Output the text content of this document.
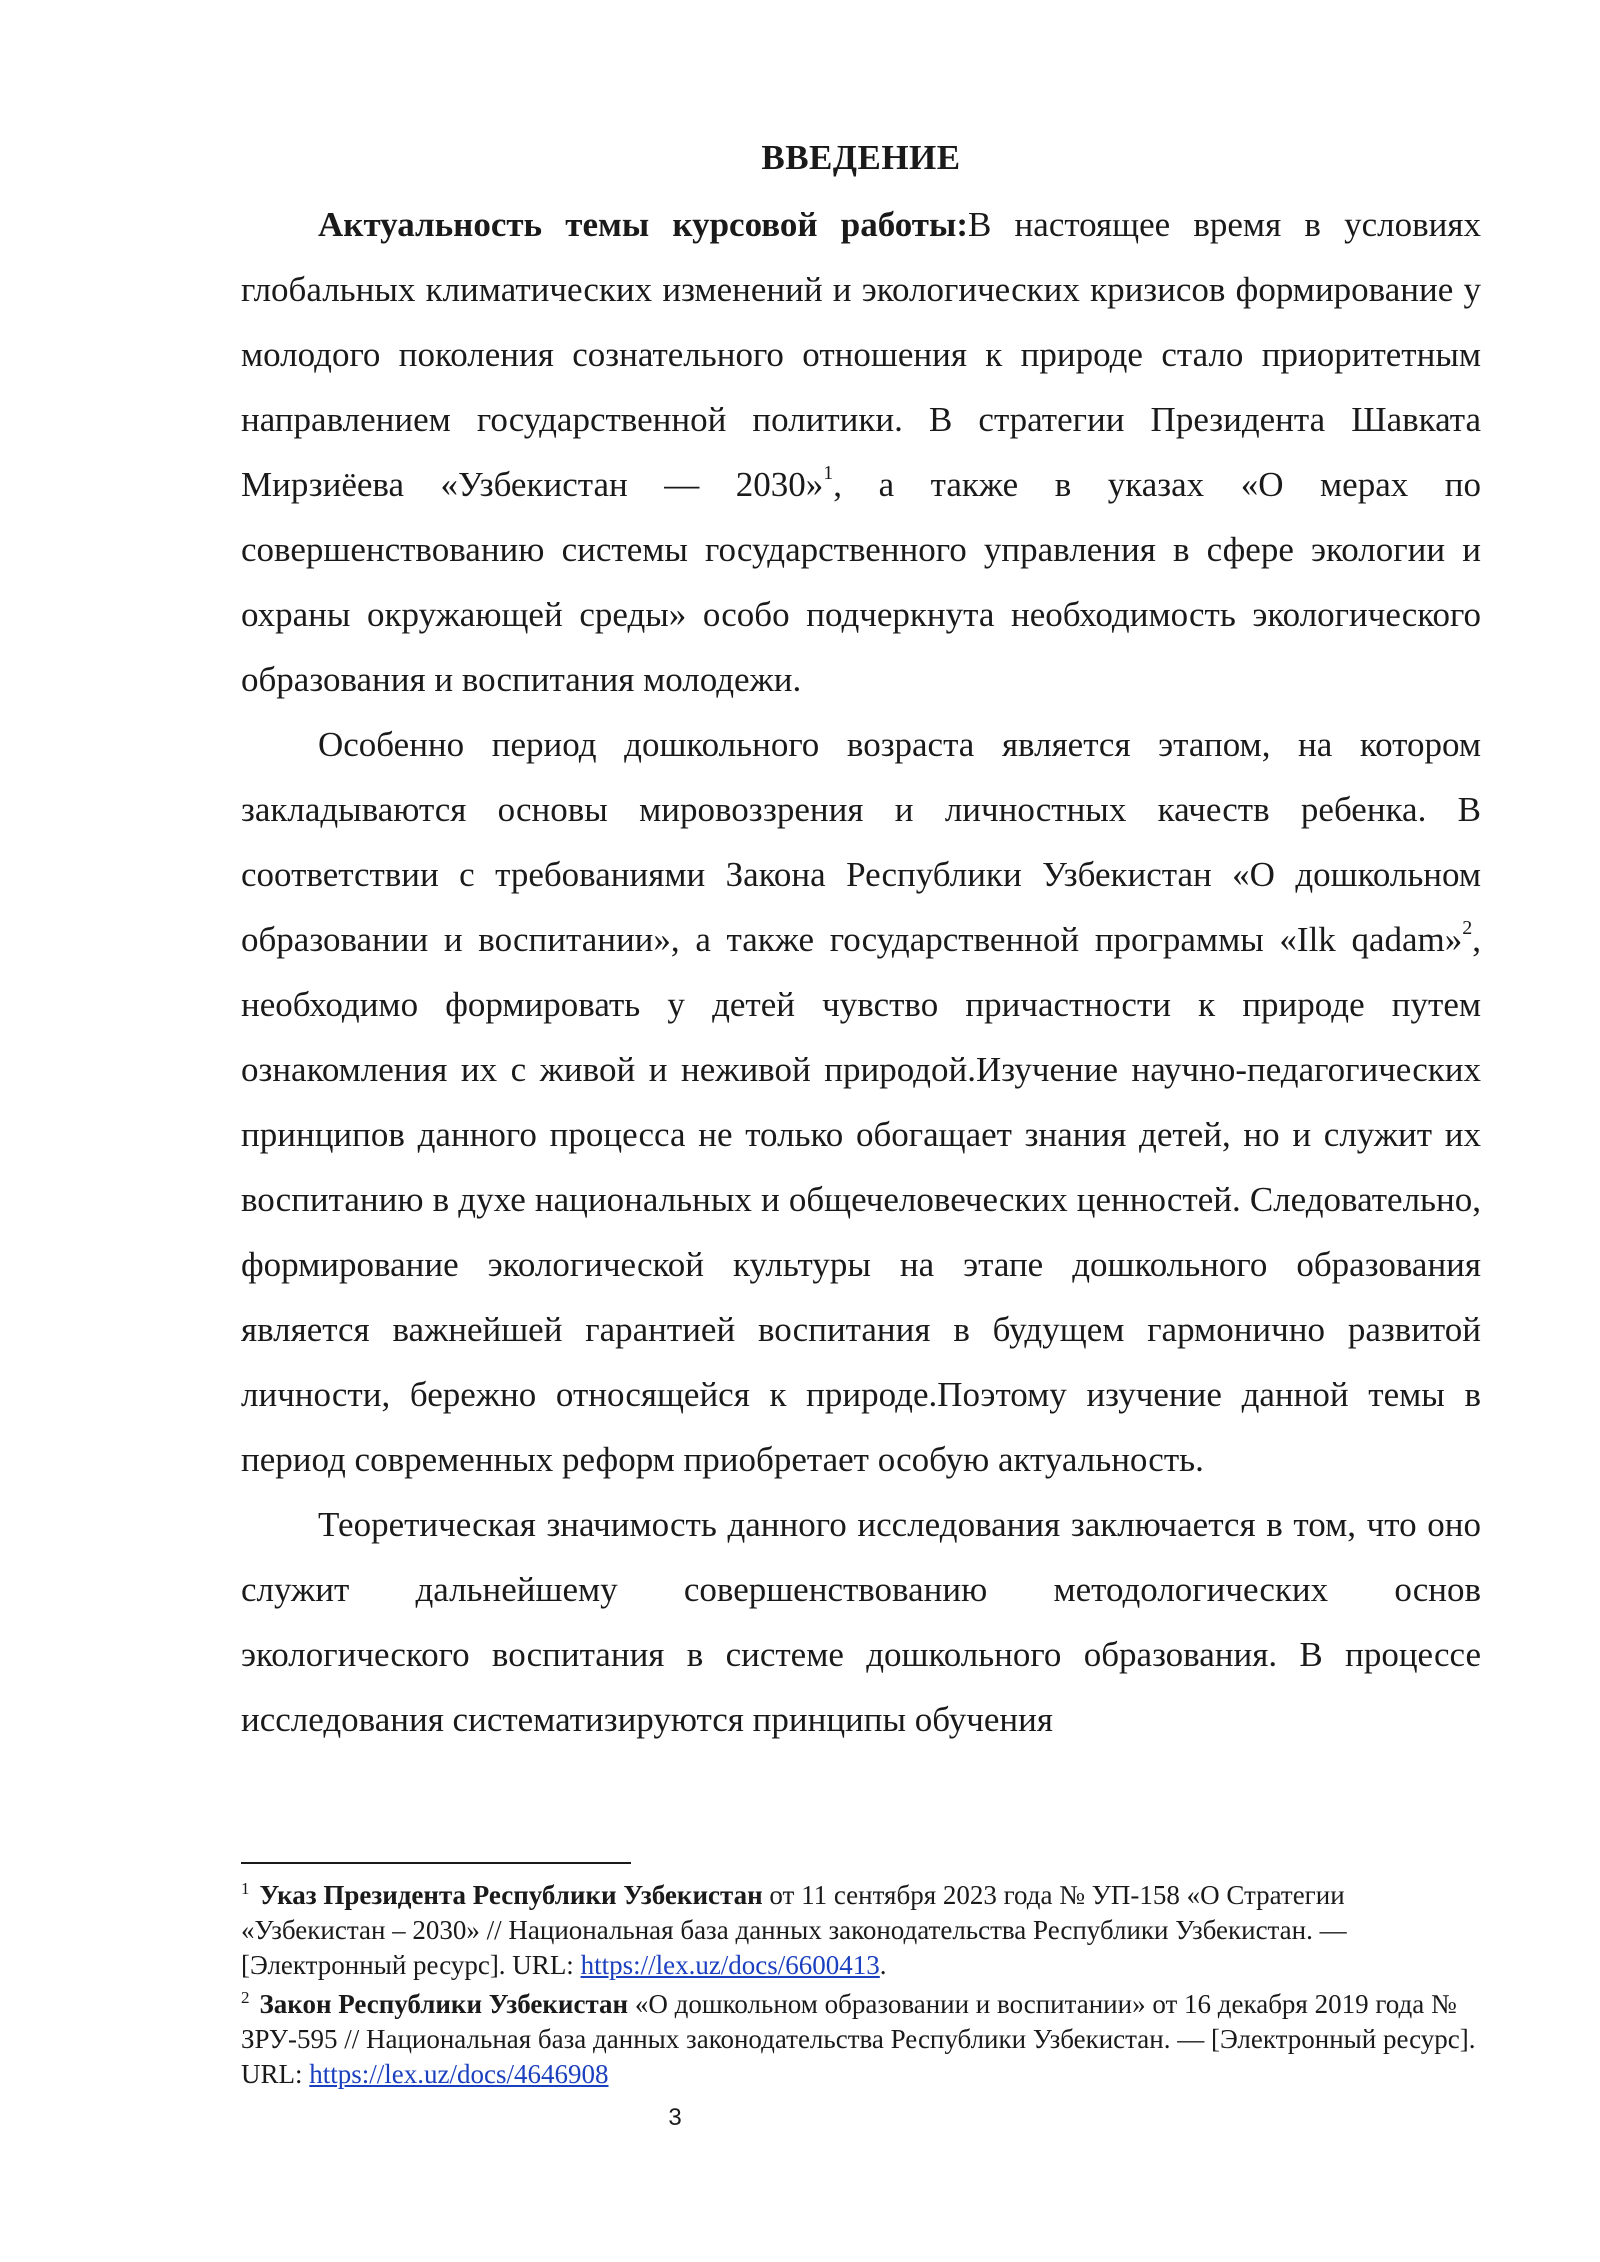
ВВЕДЕНИЕ

Актуальность темы курсовой работы:В настоящее время в условиях глобальных климатических изменений и экологических кризисов формирование у молодого поколения сознательного отношения к природе стало приоритетным направлением государственной политики. В стратегии Президента Шавката Мирзиёева «Узбекистан — 2030»$^1$, а также в указах «О мерах по совершенствованию системы государственного управления в сфере экологии и охраны окружающей среды» особо подчеркнута необходимость экологического образования и воспитания молодежи.

Особенно период дошкольного возраста является этапом, на котором закладываются основы мировоззрения и личностных качеств ребенка. В соответствии с требованиями Закона Республики Узбекистан «О дошкольном образовании и воспитании», а также государственной программы «Ilk qadam»$^2$, необходимо формировать у детей чувство причастности к природе путем ознакомления их с живой и неживой природой.Изучение научно-педагогических принципов данного процесса не только обогащает знания детей, но и служит их воспитанию в духе национальных и общечеловеческих ценностей. Следовательно, формирование экологической культуры на этапе дошкольного образования является важнейшей гарантией воспитания в будущем гармонично развитой личности, бережно относящейся к природе.Поэтому изучение данной темы в период современных реформ приобретает особую актуальность.

Теоретическая значимость данного исследования заключается в том, что оно служит дальнейшему совершенствованию методологических основ экологического воспитания в системе дошкольного образования. В процессе исследования систематизируются принципы обучения

$^1$ Указ Президента Республики Узбекистан от 11 сентября 2023 года № УП-158 «О Стратегии «Узбекистан – 2030» // Национальная база данных законодательства Республики Узбекистан. — [Электронный ресурс]. URL: https://lex.uz/docs/6600413.
$^2$ Закон Республики Узбекистан «О дошкольном образовании и воспитании» от 16 декабря 2019 года № ЗРУ-595 // Национальная база данных законодательства Республики Узбекистан. — [Электронный ресурс]. URL: https://lex.uz/docs/4646908
3
